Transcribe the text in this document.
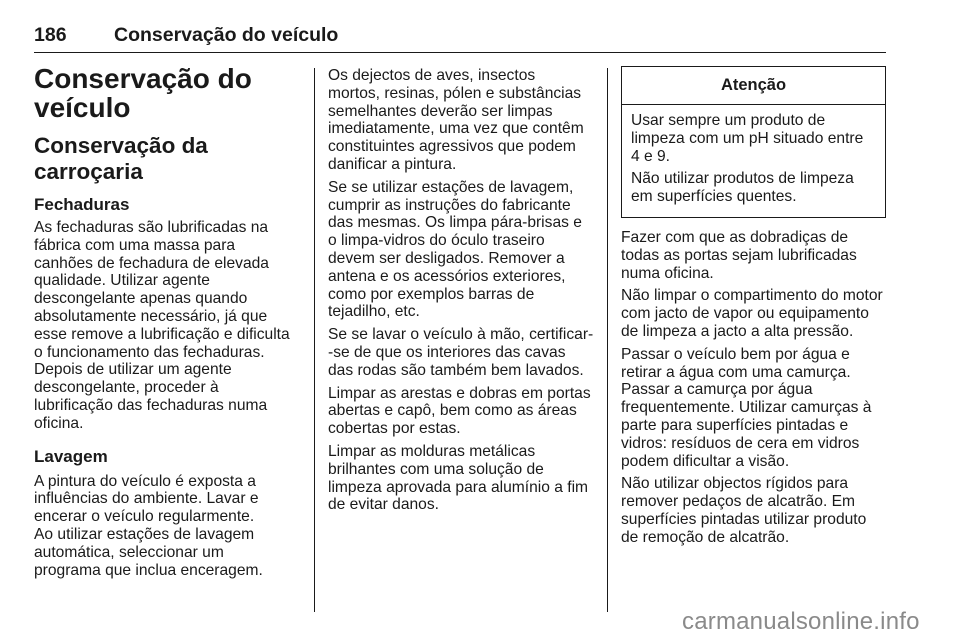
186 Conservação do veículo
Conservação do
veículo
Conservação da carroçaria
Fechaduras

As fechaduras são lubrificadas na
fábrica com uma massa para
canhões de fechadura de elevada
qualidade. Utilizar agente
descongelante apenas quando
absolutamente necessário, já que
esse remove a lubrificação e dificulta
o funcionamento das fechaduras.
Depois de utilizar um agente
descongelante, proceder à
lubrificação das fechaduras numa
oficina.

Lavagem

A pintura do veículo é exposta a
influências do ambiente. Lavar e
encerar o veículo regularmente.
Ao utilizar estações de lavagem
automática, seleccionar um
programa que inclua enceragem.

Os dejectos de aves, insectos
mortos, resinas, pólen e substâncias
semelhantes deverão ser limpas
imediatamente, uma vez que contêm
constituintes agressivos que podem
danificar a pintura.

Se se utilizar estações de lavagem,
cumprir as instruções do fabricante
das mesmas. Os limpa pára-brisas e
o limpa-vidros do óculo traseiro
devem ser desligados. Remover a
antena e os acessórios exteriores,
como por exemplos barras de
tejadilho, etc.

Se se lavar o veículo à mão, certificar-
-se de que os interiores das cavas
das rodas são também bem lavados.

Limpar as arestas e dobras em portas
abertas e capô, bem como as áreas
cobertas por estas.

Limpar as molduras metálicas
brilhantes com uma solução de
limpeza aprovada para alumínio a fim
de evitar danos.

Atenção

Usar sempre um produto de
limpeza com um pH situado entre
4 e 9.

Não utilizar produtos de limpeza
em superfícies quentes.

Fazer com que as dobradiças de
todas as portas sejam lubrificadas
numa oficina.

Não limpar o compartimento do motor
com jacto de vapor ou equipamento
de limpeza a jacto a alta pressão.

Passar o veículo bem por água e
retirar a água com uma camurça.
Passar a camurça por água
frequentemente. Utilizar camurças à
parte para superfícies pintadas e
vidros: resíduos de cera em vidros
podem dificultar a visão.

Não utilizar objectos rígidos para
remover pedaços de alcatrão. Em
superfícies pintadas utilizar produto
de remoção de alcatrão.

carmanualsonline.info
